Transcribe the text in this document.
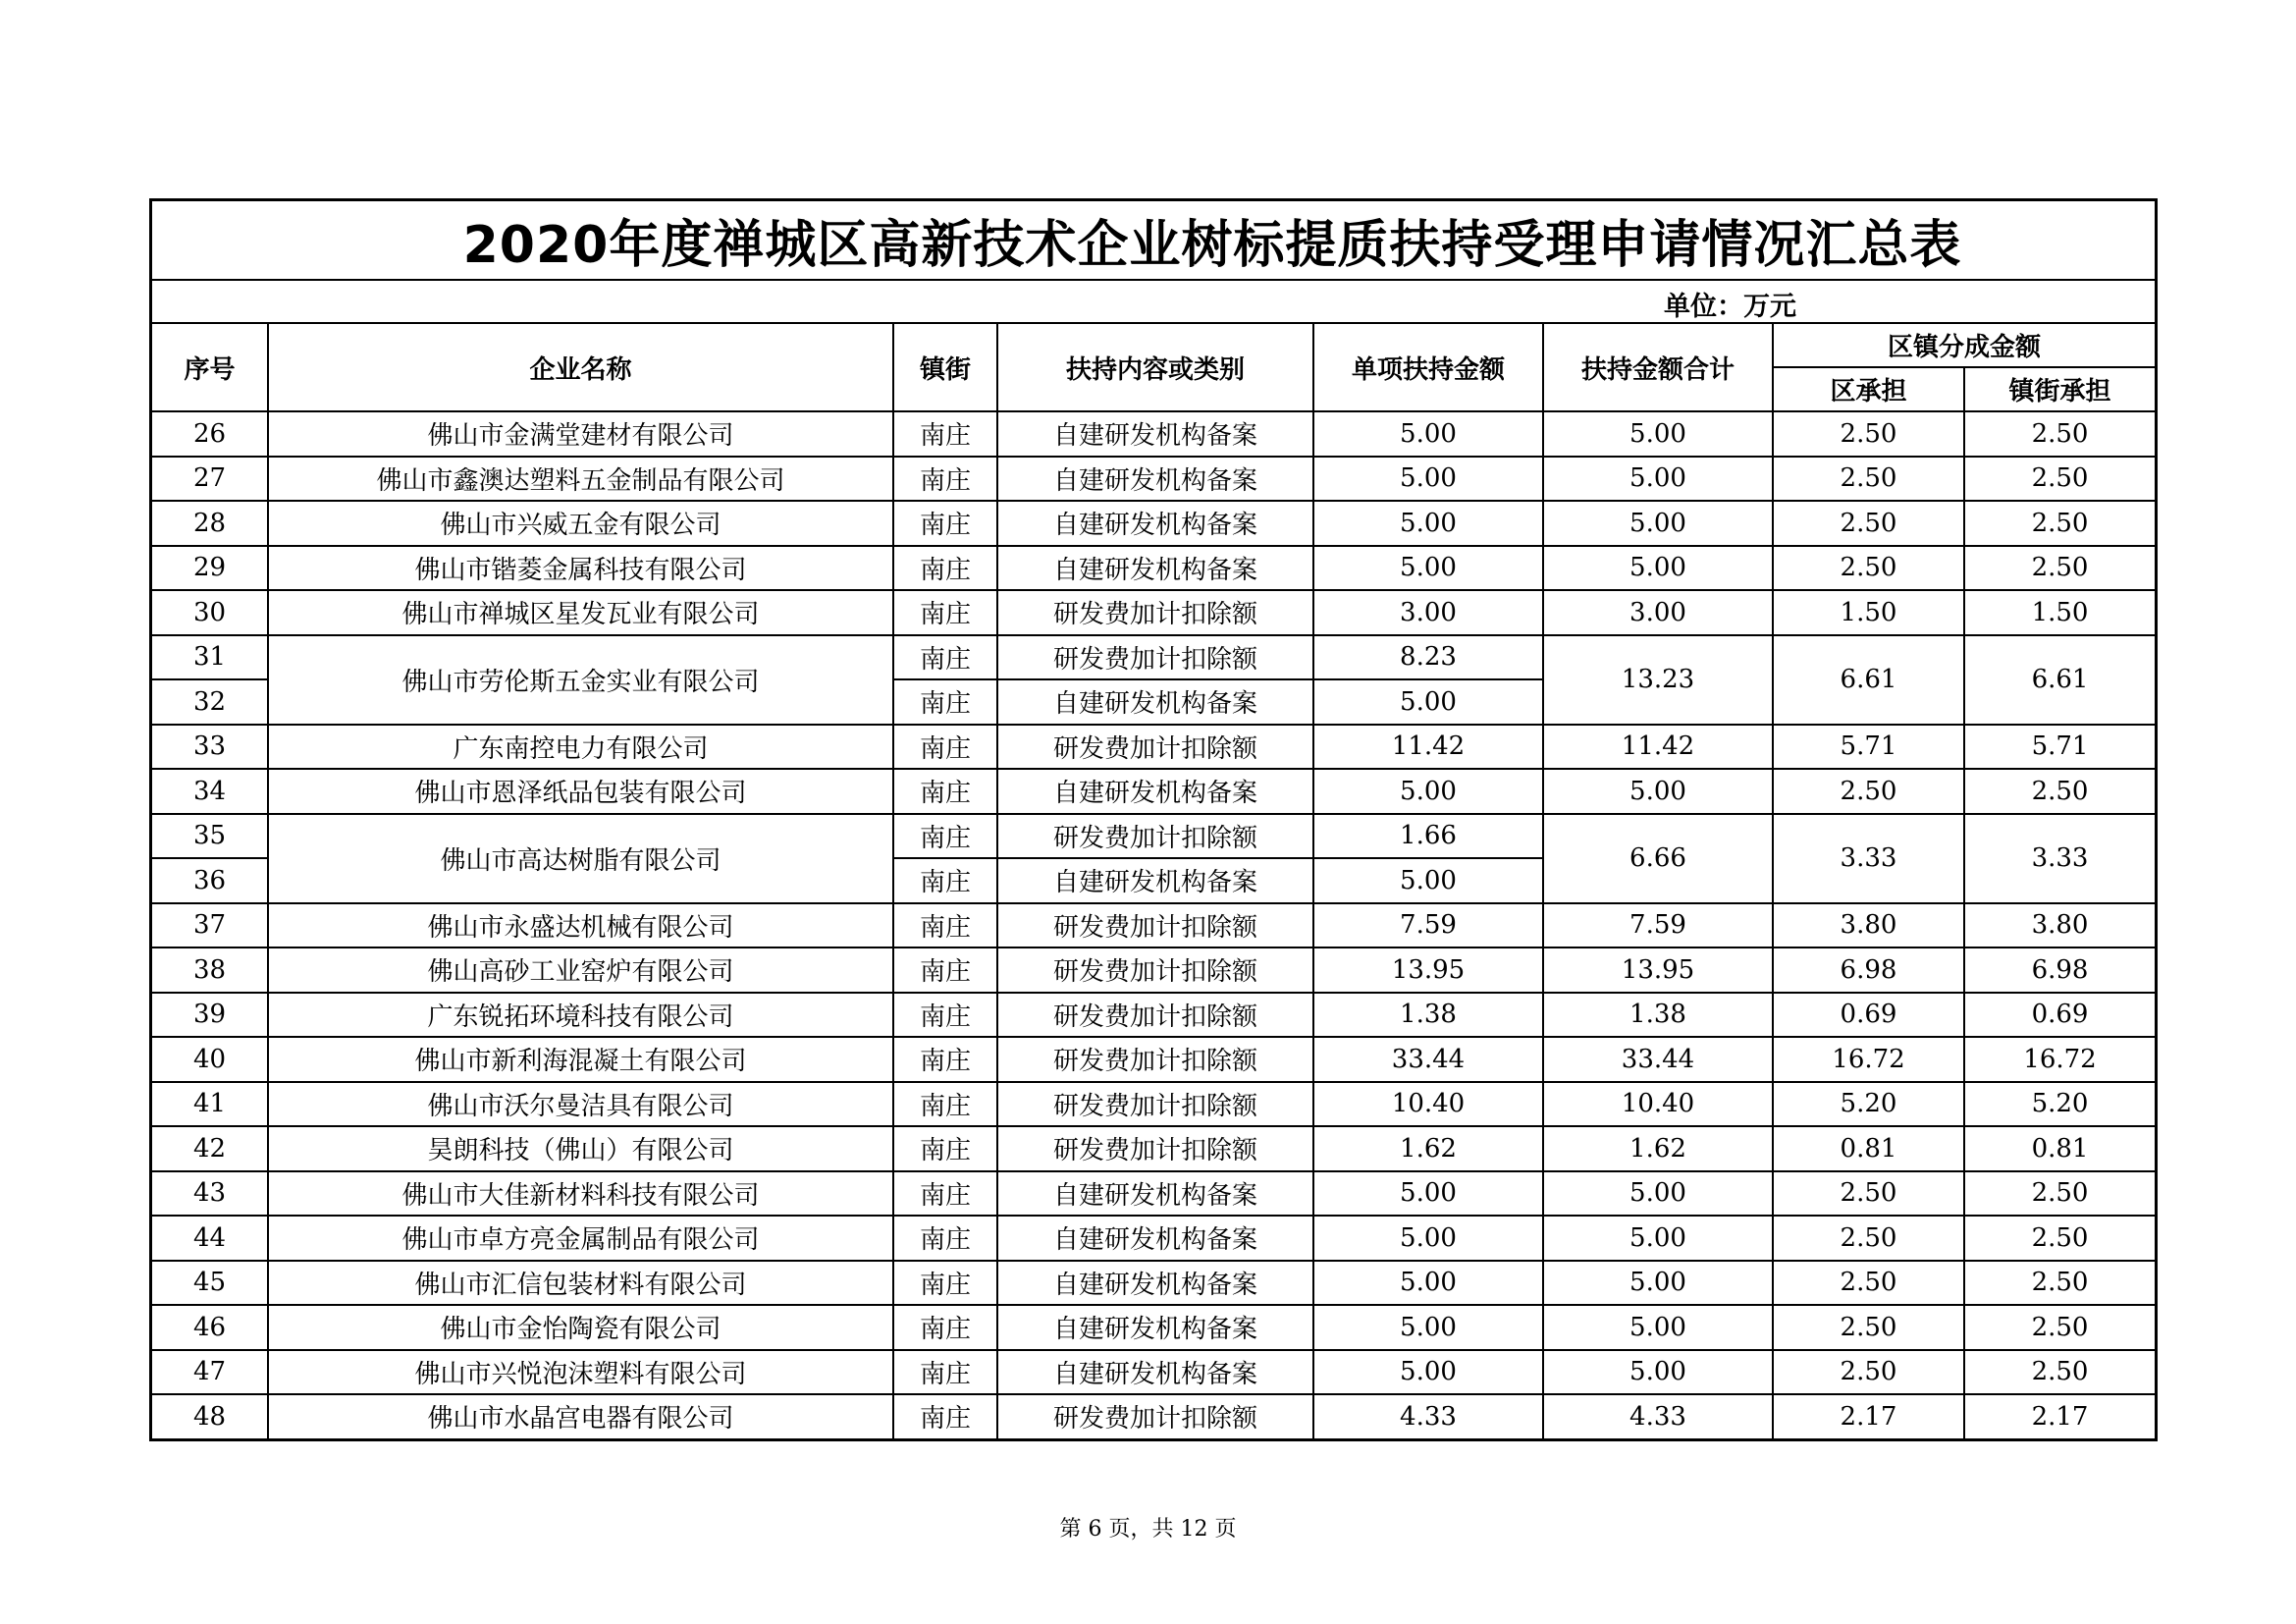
2020年度禅城区高新技术企业树标提质扶持受理申请情况汇总表
单位：万元
序号	企业名称	镇街	扶持内容或类别	单项扶持金额	扶持金额合计	区镇分成金额	
						区承担	镇街承担
26	佛山市金满堂建材有限公司	南庄	自建研发机构备案	5.00	5.00	2.50	2.50
27	佛山市鑫澳达塑料五金制品有限公司	南庄	自建研发机构备案	5.00	5.00	2.50	2.50
28	佛山市兴威五金有限公司	南庄	自建研发机构备案	5.00	5.00	2.50	2.50
29	佛山市锴菱金属科技有限公司	南庄	自建研发机构备案	5.00	5.00	2.50	2.50
30	佛山市禅城区星发瓦业有限公司	南庄	研发费加计扣除额	3.00	3.00	1.50	1.50
31	佛山市劳伦斯五金实业有限公司	南庄	研发费加计扣除额	8.23	13.23	6.61	6.61
32		南庄	自建研发机构备案	5.00			
33	广东南控电力有限公司	南庄	研发费加计扣除额	11.42	11.42	5.71	5.71
34	佛山市恩泽纸品包装有限公司	南庄	自建研发机构备案	5.00	5.00	2.50	2.50
35	佛山市高达树脂有限公司	南庄	研发费加计扣除额	1.66	6.66	3.33	3.33
36		南庄	自建研发机构备案	5.00			
37	佛山市永盛达机械有限公司	南庄	研发费加计扣除额	7.59	7.59	3.80	3.80
38	佛山高砂工业窑炉有限公司	南庄	研发费加计扣除额	13.95	13.95	6.98	6.98
39	广东锐拓环境科技有限公司	南庄	研发费加计扣除额	1.38	1.38	0.69	0.69
40	佛山市新利海混凝土有限公司	南庄	研发费加计扣除额	33.44	33.44	16.72	16.72
41	佛山市沃尔曼洁具有限公司	南庄	研发费加计扣除额	10.40	10.40	5.20	5.20
42	昊朗科技（佛山）有限公司	南庄	研发费加计扣除额	1.62	1.62	0.81	0.81
43	佛山市大佳新材料科技有限公司	南庄	自建研发机构备案	5.00	5.00	2.50	2.50
44	佛山市卓方亮金属制品有限公司	南庄	自建研发机构备案	5.00	5.00	2.50	2.50
45	佛山市汇信包装材料有限公司	南庄	自建研发机构备案	5.00	5.00	2.50	2.50
46	佛山市金怡陶瓷有限公司	南庄	自建研发机构备案	5.00	5.00	2.50	2.50
47	佛山市兴悦泡沫塑料有限公司	南庄	自建研发机构备案	5.00	5.00	2.50	2.50
48	佛山市水晶宫电器有限公司	南庄	研发费加计扣除额	4.33	4.33	2.17	2.17
第 6 页，共 12 页
